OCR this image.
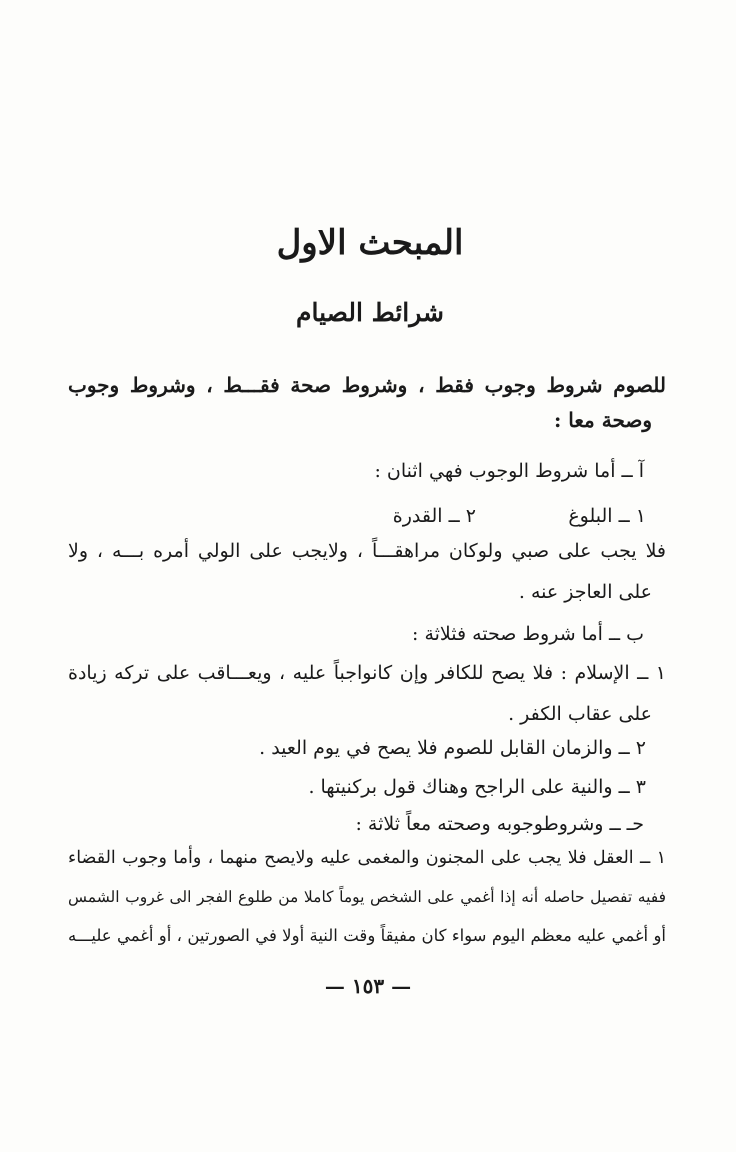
المبحث الاول
شرائط الصيام
للصوم شروط وجوب فقط ، وشروط صحة فقـــط ، وشروط وجوب
وصحة معا :
آ ــ أما شروط الوجوب فهي اثنان :
١ ــ البلوغ
٢ ــ القدرة
فلا يجب على صبي ولوكان مراهقـــاً ، ولايجب على الولي أمره بـــه ، ولا
على العاجز عنه .
ب ــ أما شروط صحته فثلاثة :
١ ــ الإسلام : فلا يصح للكافر وإن كانواجباً عليه ، ويعـــاقب على تركه زيادة
على عقاب الكفر .
٢ ــ والزمان القابل للصوم فلا يصح في يوم العيد .
٣ ــ والنية على الراجح وهناك قول بركنيتها .
حـ ــ وشروطوجوبه وصحته معاً ثلاثة :
١ ــ العقل فلا يجب على المجنون والمغمى عليه ولايصح منهما ، وأما وجوب القضاء
ففيه تفصيل حاصله أنه إذا أغمي على الشخص يوماً كاملا من طلوع الفجر الى غروب الشمس
أو أغمي عليه معظم اليوم سواء كان مفيقاً وقت النية أولا في الصورتين ، أو أغمي عليـــه
— ١٥٣ —
